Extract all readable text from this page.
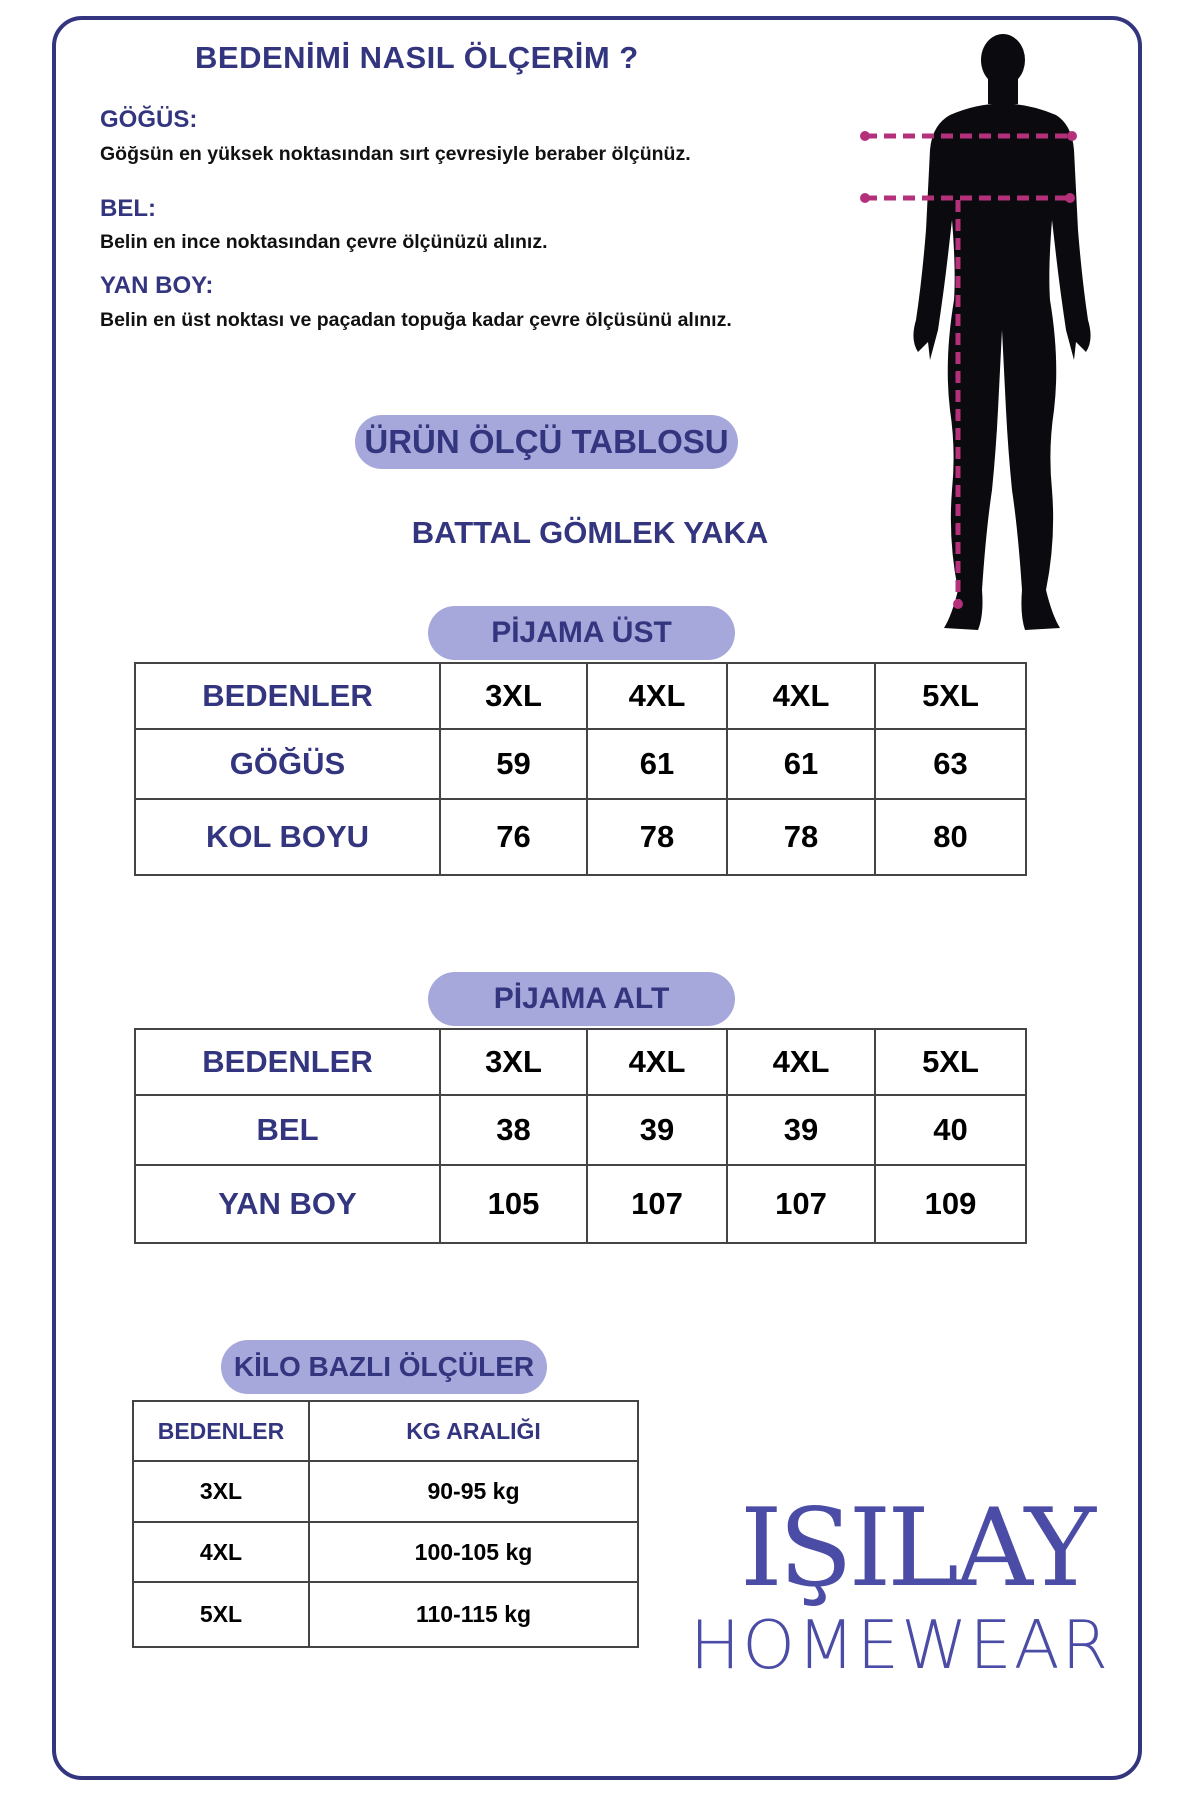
BEDENİMİ NASIL ÖLÇERİM ?
GÖĞÜS:
Göğsün en yüksek noktasından sırt çevresiyle beraber ölçünüz.
BEL:
Belin en ince noktasından çevre ölçünüzü alınız.
YAN BOY:
Belin en üst noktası ve paçadan topuğa kadar çevre ölçüsünü alınız.
ÜRÜN ÖLÇÜ TABLOSU
BATTAL GÖMLEK YAKA
PİJAMA ÜST
BEDENLER	3XL	4XL	4XL	5XL
GÖĞÜS	59	61	61	63
KOL BOYU	76	78	78	80
PİJAMA ALT
BEDENLER	3XL	4XL	4XL	5XL
BEL	38	39	39	40
YAN BOY	105	107	107	109
KİLO BAZLI ÖLÇÜLER
BEDENLER	KG ARALIĞI
3XL	90-95 kg
4XL	100-105 kg
5XL	110-115 kg
IŞILAY
HOMEWEAR
